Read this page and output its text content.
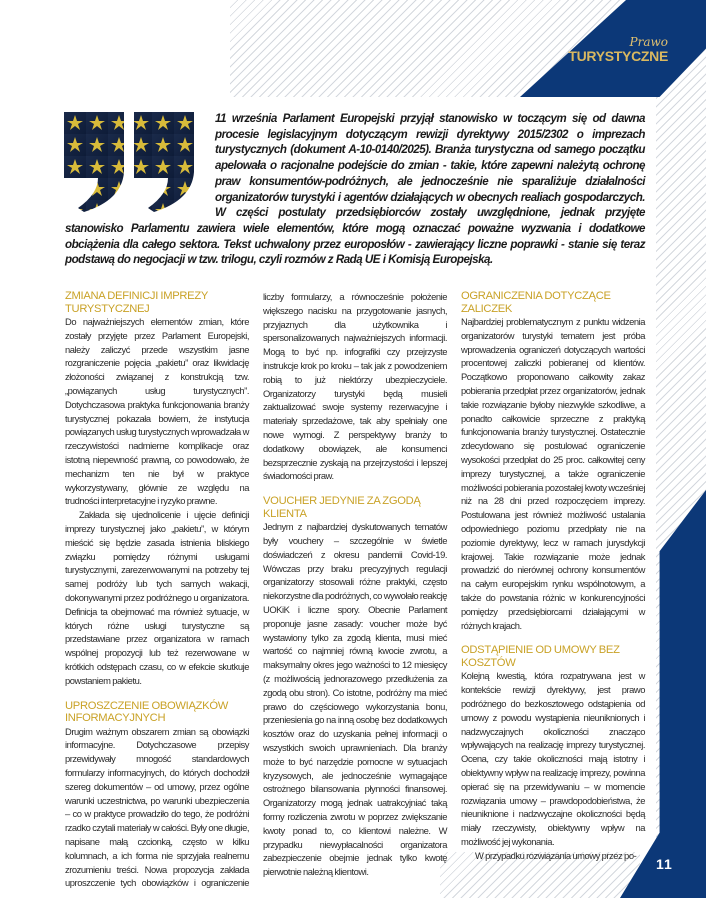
Prawo
TURYSTYCZNE
11 września Parlament Europejski przyjął stanowisko w toczącym się od dawna procesie legislacyjnym dotyczącym rewizji dyrektywy 2015/2302 o imprezach turystycznych (dokument A-10-0140/2025). Branża turystyczna od samego początku apelowała o racjonalne podejście do zmian - takie, które zapewni należytą ochronę praw konsumentów-podróżnych, ale jednocześnie nie sparaliżuje działalności organizatorów turystyki i agentów działających w obecnych realiach gospodarczych. W części postulaty przedsiębiorców zostały uwzględnione, jednak przyjęte stanowisko Parlamentu zawiera wiele elementów, które mogą oznaczać poważne wyzwania i dodatkowe obciążenia dla całego sektora. Tekst uchwalony przez europosłów - zawierający liczne poprawki - stanie się teraz podstawą do negocjacji w tzw. trilogu, czyli rozmów z Radą UE i Komisją Europejską.
ZMIANA DEFINICJI IMPREZY TURYSTYCZNEJ

Do najważniejszych elementów zmian, które zostały przyjęte przez Parlament Europejski, należy zaliczyć przede wszystkim jasne rozgraniczenie pojęcia „pakietu” oraz likwidację złożoności związanej z konstrukcją tzw. „powiązanych usług turystycznych”. Dotychczasowa praktyka funkcjonowania branży turystycznej pokazała bowiem, że instytucja powiązanych usług turystycznych wprowadzała w rzeczywistości nadmierne komplikacje oraz istotną niepewność prawną, co powodowało, że mechanizm ten nie był w praktyce wykorzystywany, głównie ze względu na trudności interpretacyjne i ryzyko prawne.

Zakłada się ujednolicenie i ujęcie definicji imprezy turystycznej jako „pakietu”, w którym mieścić się będzie zasada istnienia bliskiego związku pomiędzy różnymi usługami turystycznymi, zarezerwowanymi na potrzeby tej samej podróży lub tych samych wakacji, dokonywanymi przez podróżnego u organizatora. Definicja ta obejmować ma również sytuacje, w których różne usługi turystyczne są przedstawiane przez organizatora w ramach wspólnej propozycji lub też rezerwowane w krótkich odstępach czasu, co w efekcie skutkuje powstaniem pakietu.

UPROSZCZENIE OBOWIĄZKÓW INFORMACYJNYCH

Drugim ważnym obszarem zmian są obowiązki informacyjne. Dotychczasowe przepisy przewidywały mnogość standardowych formularzy informacyjnych, do których dochodził szereg dokumentów – od umowy, przez ogólne warunki uczestnictwa, po warunki ubezpieczenia – co w praktyce prowadziło do tego, że podróżni rzadko czytali materiały w całości. Były one długie, napisane małą czcionką, często w kilku kolumnach, a ich forma nie sprzyjała realnemu zrozumieniu treści. Nowa propozycja zakłada uproszczenie tych obowiązków i ograniczenie liczby formularzy, a równocześnie położenie większego nacisku na przygotowanie jasnych, przyjaznych dla użytkownika i spersonalizowanych najważniejszych informacji. Mogą to być np. infografiki czy przejrzyste instrukcje krok po kroku – tak jak z powodzeniem robią to już niektórzy ubezpieczyciele. Organizatorzy turystyki będą musieli zaktualizować swoje systemy rezerwacyjne i materiały sprzedażowe, tak aby spełniały one nowe wymogi. Z perspektywy branży to dodatkowy obowiązek, ale konsumenci bezsprzecznie zyskają na przejrzystości i lepszej świadomości praw.

VOUCHER JEDYNIE ZA ZGODĄ KLIENTA

Jednym z najbardziej dyskutowanych tematów były vouchery – szczególnie w świetle doświadczeń z okresu pandemii Covid-19. Wówczas przy braku precyzyjnych regulacji organizatorzy stosowali różne praktyki, często niekorzystne dla podróżnych, co wywołało reakcję UOKiK i liczne spory. Obecnie Parlament proponuje jasne zasady: voucher może być wystawiony tylko za zgodą klienta, musi mieć wartość co najmniej równą kwocie zwrotu, a maksymalny okres jego ważności to 12 miesięcy (z możliwością jednorazowego przedłużenia za zgodą obu stron). Co istotne, podróżny ma mieć prawo do częściowego wykorzystania bonu, przeniesienia go na inną osobę bez dodatkowych kosztów oraz do uzyskania pełnej informacji o wszystkich swoich uprawnieniach. Dla branży może to być narzędzie pomocne w sytuacjach kryzysowych, ale jednocześnie wymagające ostrożnego bilansowania płynności finansowej. Organizatorzy mogą jednak uatrakcyjniać taką formy rozliczenia zwrotu w poprzez zwiększanie kwoty ponad to, co klientowi należne. W przypadku niewypłacalności organizatora zabezpieczenie obejmie jednak tylko kwotę pierwotnie należną klientowi.

OGRANICZENIA DOTYCZĄCE ZALICZEK

Najbardziej problematycznym z punktu widzenia organizatorów turystyki tematem jest próba wprowadzenia ograniczeń dotyczących wartości procentowej zaliczki pobieranej od klientów. Początkowo proponowano całkowity zakaz pobierania przedpłat przez organizatorów, jednak takie rozwiązanie byłoby niezwykle szkodliwe, a ponadto całkowicie sprzeczne z praktyką funkcjonowania branży turystycznej. Ostatecznie zdecydowano się postulować ograniczenie wysokości przedpłat do 25 proc. całkowitej ceny imprezy turystycznej, a także ograniczenie możliwości pobierania pozostałej kwoty wcześniej niż na 28 dni przed rozpoczęciem imprezy. Postulowana jest również możliwość ustalania odpowiedniego poziomu przedpłaty nie na poziomie dyrektywy, lecz w ramach jurysdykcji krajowej. Takie rozwiązanie może jednak prowadzić do nierównej ochrony konsumentów na całym europejskim rynku wspólnotowym, a także do powstania różnic w konkurencyjności pomiędzy przedsiębiorcami działającymi w różnych krajach.

ODSTĄPIENIE OD UMOWY BEZ KOSZTÓW

Kolejną kwestią, która rozpatrywana jest w kontekście rewizji dyrektywy, jest prawo podróżnego do bezkosztowego odstąpienia od umowy z powodu wystąpienia nieuniknionych i nadzwyczajnych okoliczności znacząco wpływających na realizację imprezy turystycznej. Ocena, czy takie okoliczności mają istotny i obiektywny wpływ na realizację imprezy, powinna opierać się na przewidywaniu – w momencie rozwiązania umowy – prawdopodobieństwa, że nieuniknione i nadzwyczajne okoliczności będą miały rzeczywisty, obiektywny wpływ na możliwość jej wykonania.

W przypadku rozwiązania umowy przez po-

11
